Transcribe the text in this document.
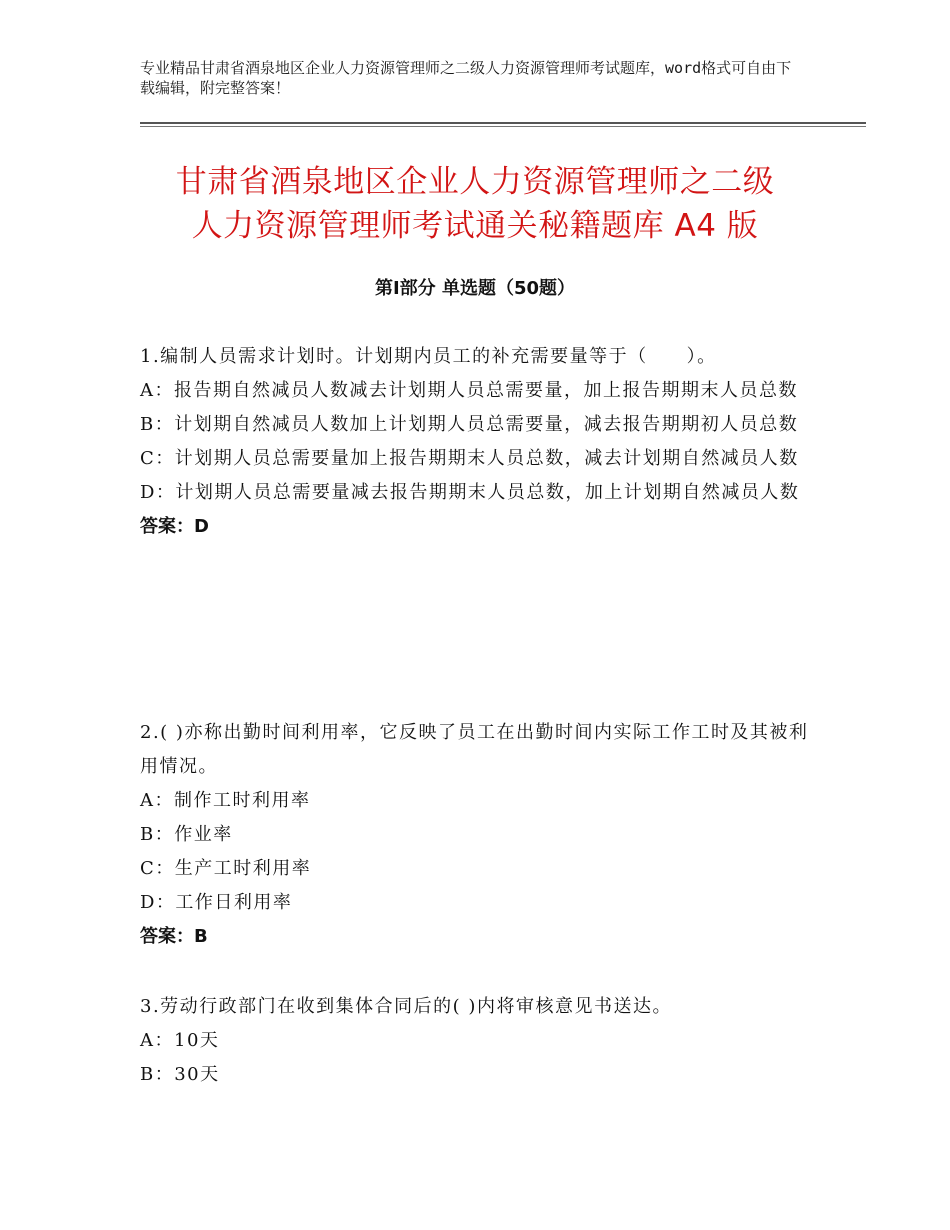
专业精品甘肃省酒泉地区企业人力资源管理师之二级人力资源管理师考试题库，word格式可自由下载编辑，附完整答案！
甘肃省酒泉地区企业人力资源管理师之二级
人力资源管理师考试通关秘籍题库 A4 版
第Ⅰ部分 单选题（50题）
1.编制人员需求计划时。计划期内员工的补充需要量等于（　　）。
A：报告期自然减员人数减去计划期人员总需要量，加上报告期期末人员总数
B：计划期自然减员人数加上计划期人员总需要量，减去报告期期初人员总数
C：计划期人员总需要量加上报告期期末人员总数，减去计划期自然减员人数
D：计划期人员总需要量减去报告期期末人员总数，加上计划期自然减员人数
答案：D
2.( )亦称出勤时间利用率，它反映了员工在出勤时间内实际工作工时及其被利用情况。
A：制作工时利用率
B：作业率
C：生产工时利用率
D：工作日利用率
答案：B
3.劳动行政部门在收到集体合同后的( )内将审核意见书送达。
A：10天
B：30天
